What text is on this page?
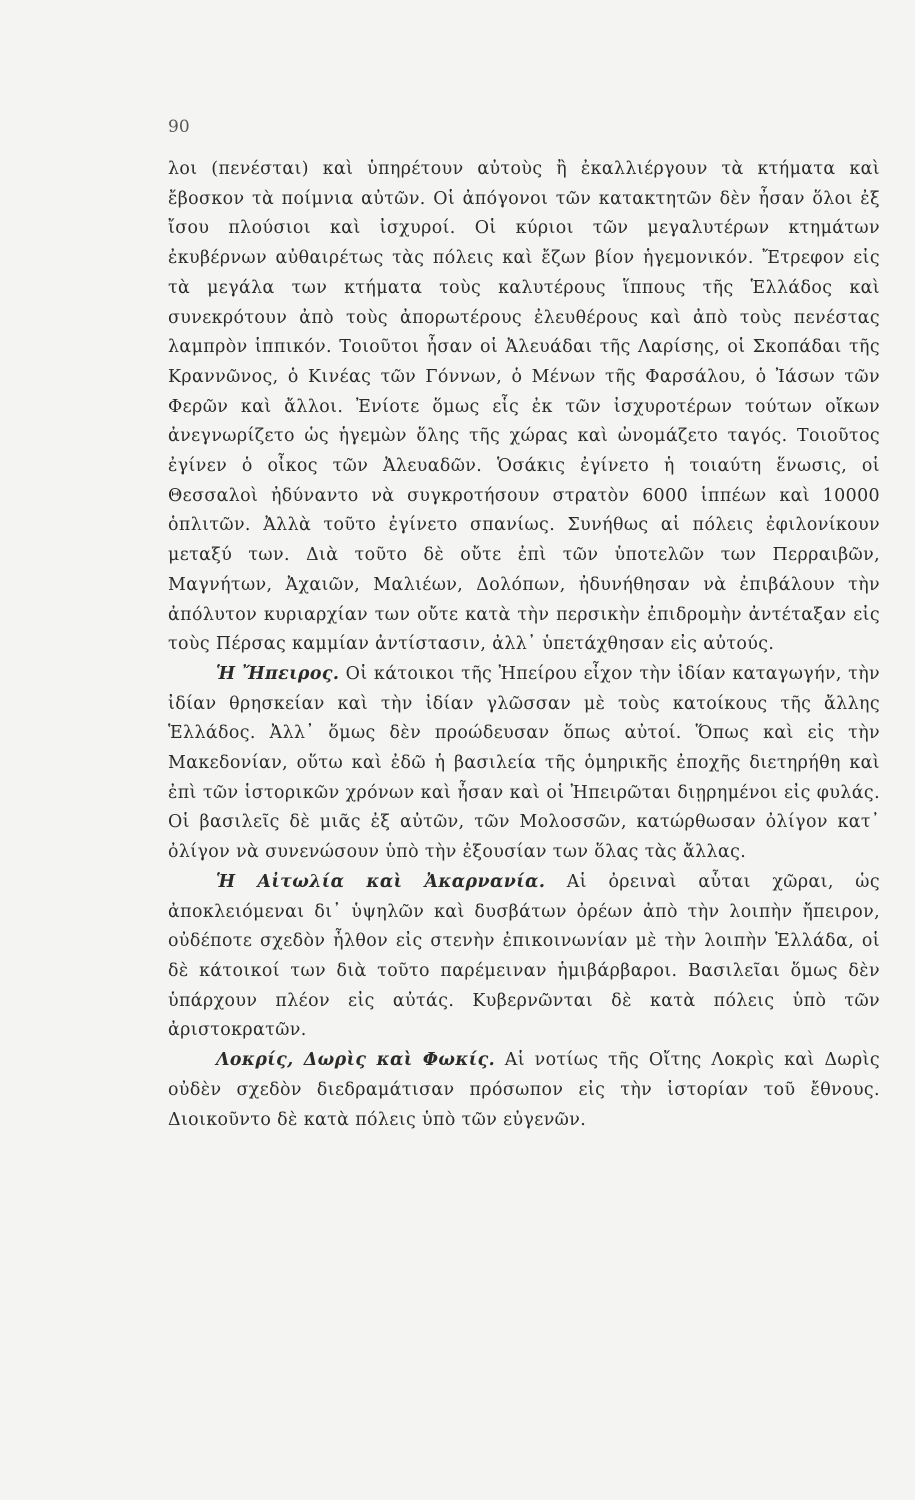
90

λοι (πενέσται) καὶ ὑπηρέτουν αὐτοὺς ἢ ἐκαλλιέργουν τὰ κτήματα καὶ ἔβοσκον τὰ ποίμνια αὐτῶν. Οἱ ἀπόγονοι τῶν κατακτητῶν δὲν ἦσαν ὅλοι ἐξ ἴσου πλούσιοι καὶ ἰσχυροί. Οἱ κύριοι τῶν μεγαλυτέρων κτημάτων ἐκυβέρνων αὐθαιρέτως τὰς πόλεις καὶ ἔζων βίον ἡγεμονικόν. Ἔτρεφον εἰς τὰ μεγάλα των κτήματα τοὺς καλυτέρους ἵππους τῆς Ἑλλάδος καὶ συνεκρότουν ἀπὸ τοὺς ἀπορωτέρους ἐλευθέρους καὶ ἀπὸ τοὺς πενέστας λαμπρὸν ἱππικόν. Τοιοῦτοι ἦσαν οἱ Ἀλευάδαι τῆς Λαρίσης, οἱ Σκοπάδαι τῆς Κραννῶνος, ὁ Κινέας τῶν Γόννων, ὁ Μένων τῆς Φαρσάλου, ὁ Ἰάσων τῶν Φερῶν καὶ ἄλλοι. Ἐνίοτε ὅμως εἷς ἐκ τῶν ἰσχυροτέρων τούτων οἴκων ἀνεγνωρίζετο ὡς ἡγεμὼν ὅλης τῆς χώρας καὶ ὠνομάζετο ταγός. Τοιοῦτος ἐγίνεν ὁ οἶκος τῶν Ἀλευαδῶν. Ὁσάκις ἐγίνετο ἡ τοιαύτη ἕνωσις, οἱ Θεσσαλοὶ ἠδύναντο νὰ συγκροτήσουν στρατὸν 6000 ἱππέων καὶ 10000 ὁπλιτῶν. Ἀλλὰ τοῦτο ἐγίνετο σπανίως. Συνήθως αἱ πόλεις ἐφιλονίκουν μεταξύ των. Διὰ τοῦτο δὲ οὔτε ἐπὶ τῶν ὑποτελῶν των Περραιβῶν, Μαγνήτων, Ἀχαιῶν, Μαλιέων, Δολόπων, ἠδυνήθησαν νὰ ἐπιβάλουν τὴν ἀπόλυτον κυριαρχίαν των οὔτε κατὰ τὴν περσικὴν ἐπιδρομὴν ἀντέταξαν εἰς τοὺς Πέρσας καμμίαν ἀντίστασιν, ἀλλ᾿ ὑπετάχθησαν εἰς αὐτούς.

Ἡ Ἤπειρος. Οἱ κάτοικοι τῆς Ἠπείρου εἶχον τὴν ἰδίαν καταγωγήν, τὴν ἰδίαν θρησκείαν καὶ τὴν ἰδίαν γλῶσσαν μὲ τοὺς κατοίκους τῆς ἄλλης Ἑλλάδος. Ἀλλ᾿ ὅμως δὲν προώδευσαν ὅπως αὐτοί. Ὅπως καὶ εἰς τὴν Μακεδονίαν, οὕτω καὶ ἐδῶ ἡ βασιλεία τῆς ὁμηρικῆς ἐποχῆς διετηρήθη καὶ ἐπὶ τῶν ἱστορικῶν χρόνων καὶ ἦσαν καὶ οἱ Ἠπειρῶται διῃρημένοι εἰς φυλάς. Οἱ βασιλεῖς δὲ μιᾶς ἐξ αὐτῶν, τῶν Μολοσσῶν, κατώρθωσαν ὀλίγον κατ᾿ ὀλίγον νὰ συνενώσουν ὑπὸ τὴν ἐξουσίαν των ὅλας τὰς ἄλλας.

Ἡ Αἰτωλία καὶ Ἀκαρνανία. Αἱ ὀρειναὶ αὗται χῶραι, ὡς ἀποκλειόμεναι δι᾿ ὑψηλῶν καὶ δυσβάτων ὀρέων ἀπὸ τὴν λοιπὴν ἤπειρον, οὐδέποτε σχεδὸν ἦλθον εἰς στενὴν ἐπικοινωνίαν μὲ τὴν λοιπὴν Ἑλλάδα, οἱ δὲ κάτοικοί των διὰ τοῦτο παρέμειναν ἡμιβάρβαροι. Βασιλεῖαι ὅμως δὲν ὑπάρχουν πλέον εἰς αὐτάς. Κυβερνῶνται δὲ κατὰ πόλεις ὑπὸ τῶν ἀριστοκρατῶν.

Λοκρίς, Δωρὶς καὶ Φωκίς. Αἱ νοτίως τῆς Οἴτης Λοκρὶς καὶ Δωρὶς οὐδὲν σχεδὸν διεδραμάτισαν πρόσωπον εἰς τὴν ἱστορίαν τοῦ ἔθνους. Διοικοῦντο δὲ κατὰ πόλεις ὑπὸ τῶν εὐγενῶν.
